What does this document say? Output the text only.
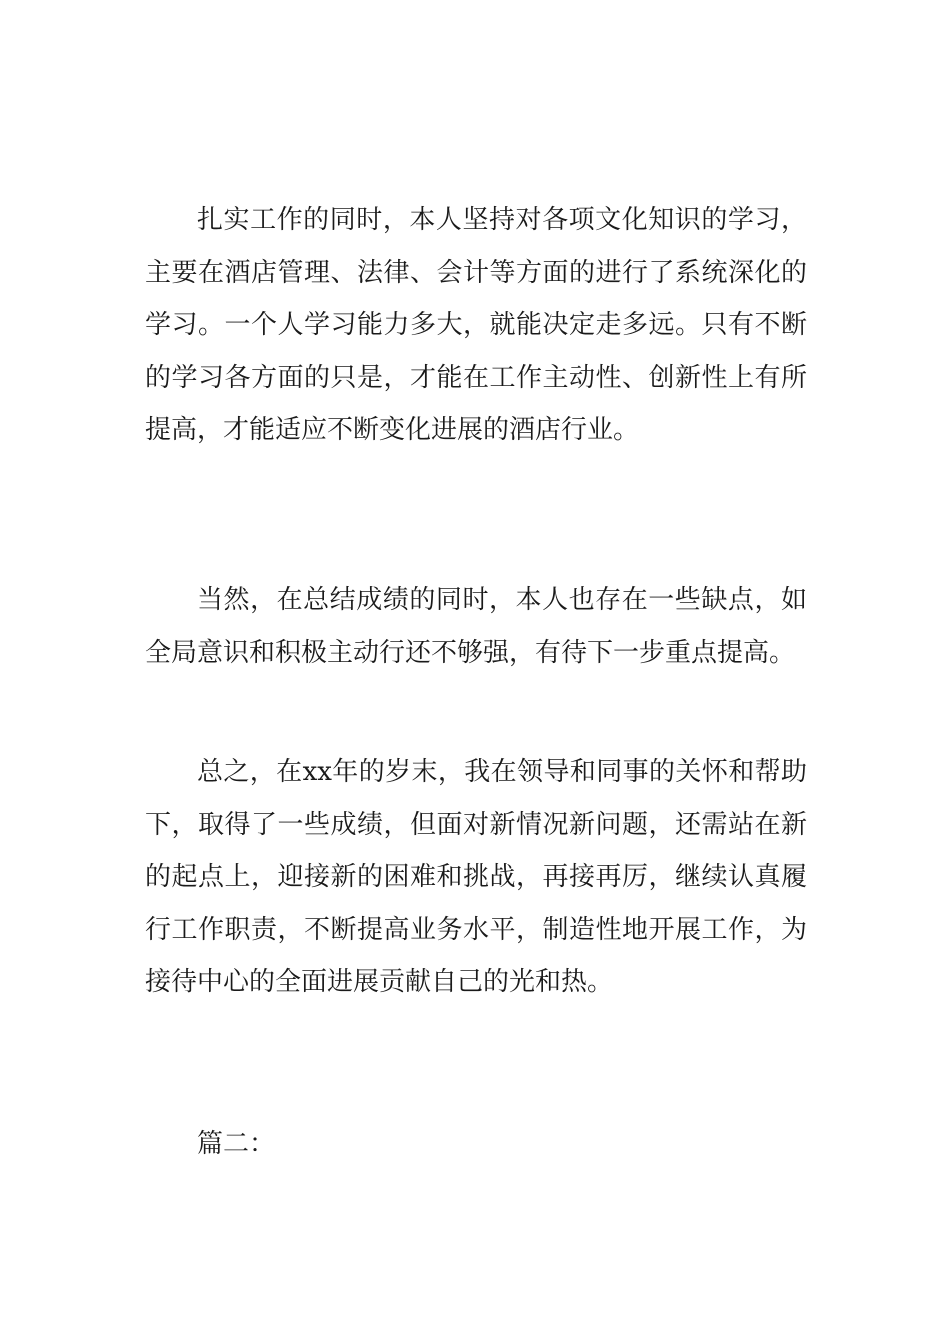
扎实工作的同时，本人坚持对各项文化知识的学习，主要在酒店管理、法律、会计等方面的进行了系统深化的学习。一个人学习能力多大，就能决定走多远。只有不断的学习各方面的只是，才能在工作主动性、创新性上有所提高，才能适应不断变化进展的酒店行业。

当然，在总结成绩的同时，本人也存在一些缺点，如全局意识和积极主动行还不够强，有待下一步重点提高。

总之，在xx年的岁末，我在领导和同事的关怀和帮助下，取得了一些成绩，但面对新情况新问题，还需站在新的起点上，迎接新的困难和挑战，再接再厉，继续认真履行工作职责，不断提高业务水平，制造性地开展工作，为接待中心的全面进展贡献自己的光和热。

篇二：
